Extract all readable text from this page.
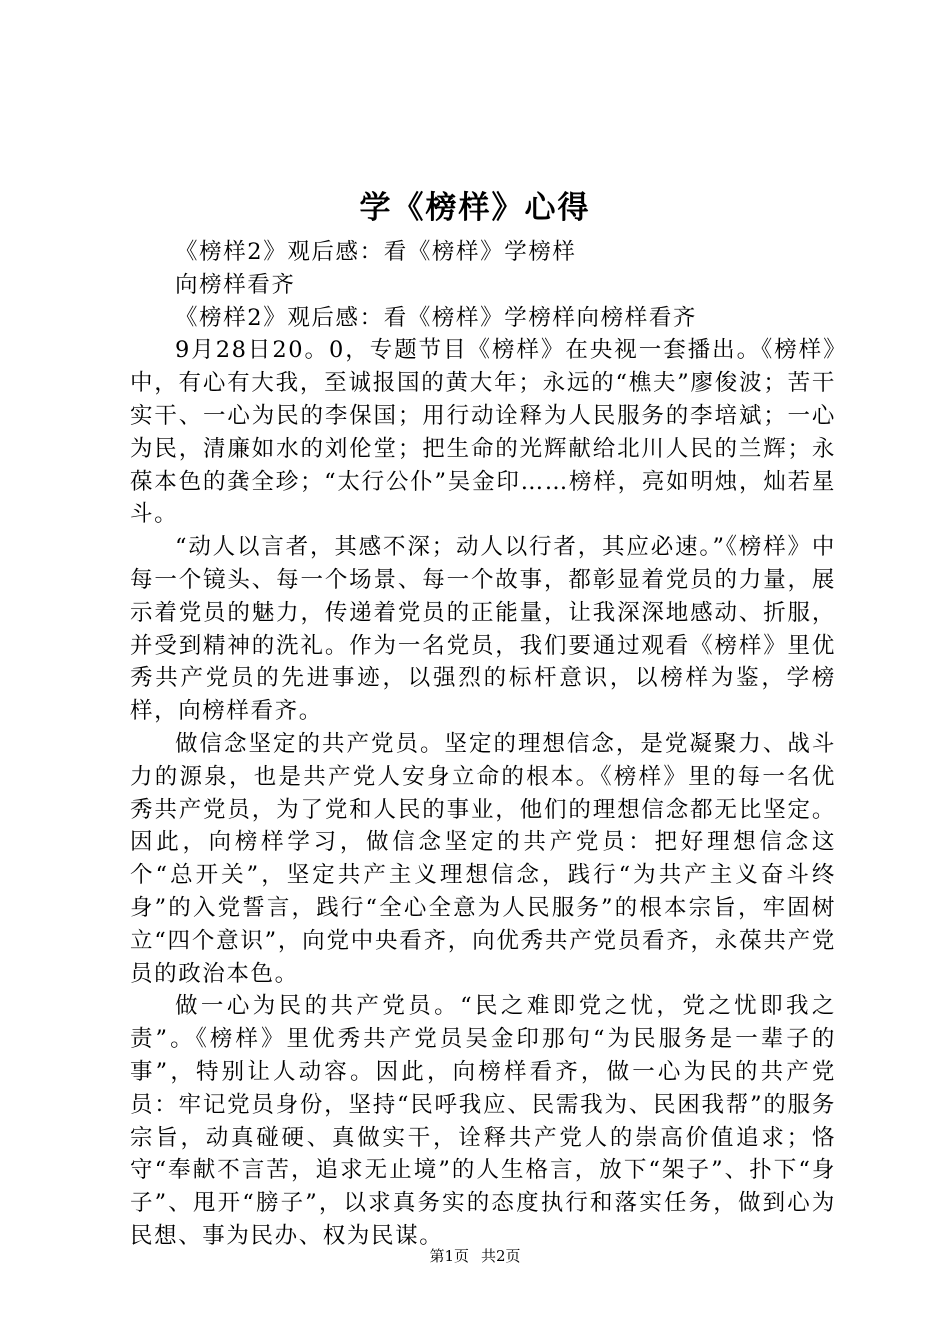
学《榜样》心得

《榜样2》观后感：看《榜样》学榜样

向榜样看齐

《榜样2》观后感：看《榜样》学榜样向榜样看齐

9月28日20。0，专题节目《榜样》在央视一套播出。《榜样》中，有心有大我，至诚报国的黄大年；永远的“樵夫”廖俊波；苦干实干、一心为民的李保国；用行动诠释为人民服务的李培斌；一心为民，清廉如水的刘伦堂；把生命的光辉献给北川人民的兰辉；永葆本色的龚全珍；“太行公仆”吴金印……榜样，亮如明烛，灿若星斗。

“动人以言者，其感不深；动人以行者，其应必速。”《榜样》中每一个镜头、每一个场景、每一个故事，都彰显着党员的力量，展示着党员的魅力，传递着党员的正能量，让我深深地感动、折服，并受到精神的洗礼。作为一名党员，我们要通过观看《榜样》里优秀共产党员的先进事迹，以强烈的标杆意识，以榜样为鉴，学榜样，向榜样看齐。

做信念坚定的共产党员。坚定的理想信念，是党凝聚力、战斗力的源泉，也是共产党人安身立命的根本。《榜样》里的每一名优秀共产党员，为了党和人民的事业，他们的理想信念都无比坚定。因此，向榜样学习，做信念坚定的共产党员：把好理想信念这个“总开关”，坚定共产主义理想信念，践行“为共产主义奋斗终身”的入党誓言，践行“全心全意为人民服务”的根本宗旨，牢固树立“四个意识”，向党中央看齐，向优秀共产党员看齐，永葆共产党员的政治本色。

做一心为民的共产党员。“民之难即党之忧，党之忧即我之责”。《榜样》里优秀共产党员吴金印那句“为民服务是一辈子的事”，特别让人动容。因此，向榜样看齐，做一心为民的共产党员：牢记党员身份，坚持“民呼我应、民需我为、民困我帮”的服务宗旨，动真碰硬、真做实干，诠释共产党人的崇高价值追求；恪守“奉献不言苦，追求无止境”的人生格言，放下“架子”、扑下“身子”、甩开“膀子”，以求真务实的态度执行和落实任务，做到心为民想、事为民办、权为民谋。

第1页 共2页
